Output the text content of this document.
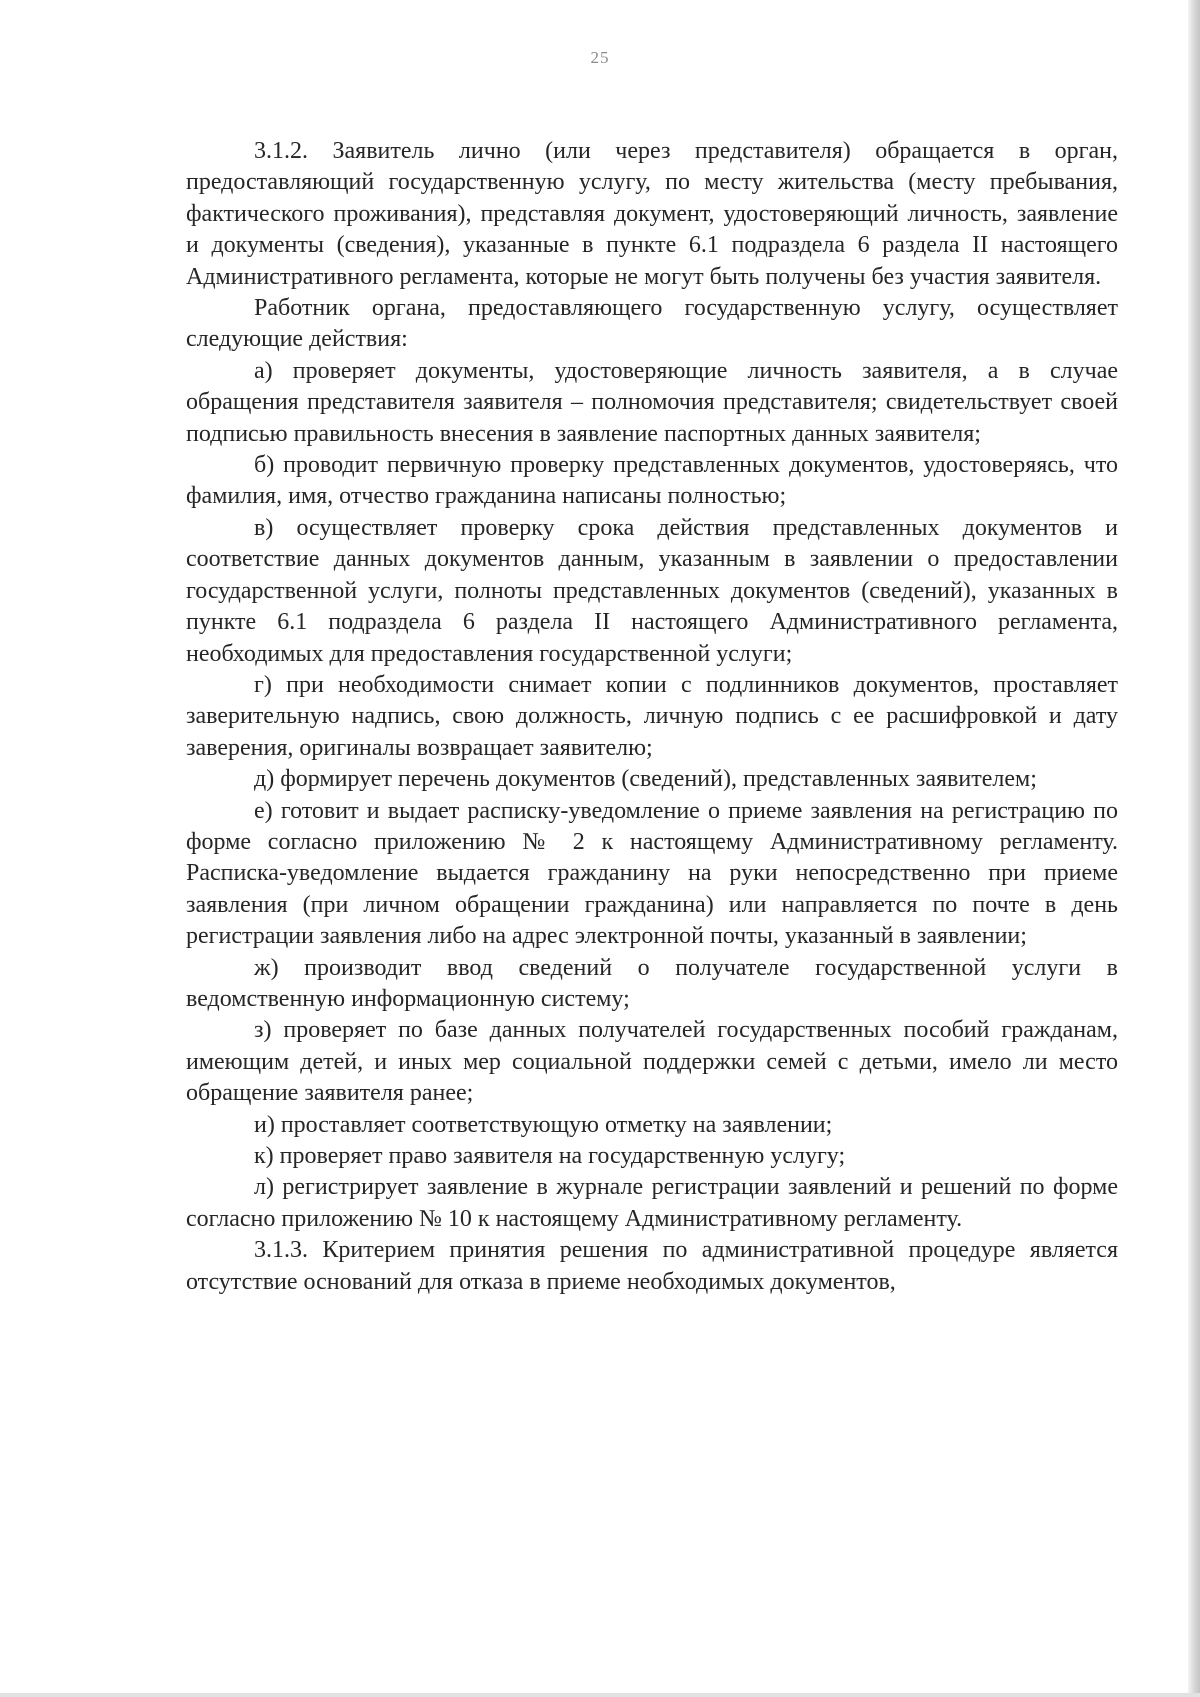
25

3.1.2. Заявитель лично (или через представителя) обращается в орган, предоставляющий государственную услугу, по месту жительства (месту пребывания, фактического проживания), представляя документ, удостоверяющий личность, заявление и документы (сведения), указанные в пункте 6.1 подраздела 6 раздела II настоящего Административного регламента, которые не могут быть получены без участия заявителя.

Работник органа, предоставляющего государственную услугу, осуществляет следующие действия:

а) проверяет документы, удостоверяющие личность заявителя, а в случае обращения представителя заявителя – полномочия представителя; свидетельствует своей подписью правильность внесения в заявление паспортных данных заявителя;

б) проводит первичную проверку представленных документов, удостоверяясь, что фамилия, имя, отчество гражданина написаны полностью;

в) осуществляет проверку срока действия представленных документов и соответствие данных документов данным, указанным в заявлении о предоставлении государственной услуги, полноты представленных документов (сведений), указанных в пункте 6.1 подраздела 6 раздела II настоящего Административного регламента, необходимых для предоставления государственной услуги;

г) при необходимости снимает копии с подлинников документов, проставляет заверительную надпись, свою должность, личную подпись с ее расшифровкой и дату заверения, оригиналы возвращает заявителю;

д) формирует перечень документов (сведений), представленных заявителем;

е) готовит и выдает расписку-уведомление о приеме заявления на регистрацию по форме согласно приложению № 2 к настоящему Административному регламенту. Расписка-уведомление выдается гражданину на руки непосредственно при приеме заявления (при личном обращении гражданина) или направляется по почте в день регистрации заявления либо на адрес электронной почты, указанный в заявлении;

ж) производит ввод сведений о получателе государственной услуги в ведомственную информационную систему;

з) проверяет по базе данных получателей государственных пособий гражданам, имеющим детей, и иных мер социальной поддержки семей с детьми, имело ли место обращение заявителя ранее;

и) проставляет соответствующую отметку на заявлении;

к) проверяет право заявителя на государственную услугу;

л) регистрирует заявление в журнале регистрации заявлений и решений по форме согласно приложению № 10 к настоящему Административному регламенту.

3.1.3. Критерием принятия решения по административной процедуре является отсутствие оснований для отказа в приеме необходимых документов,
